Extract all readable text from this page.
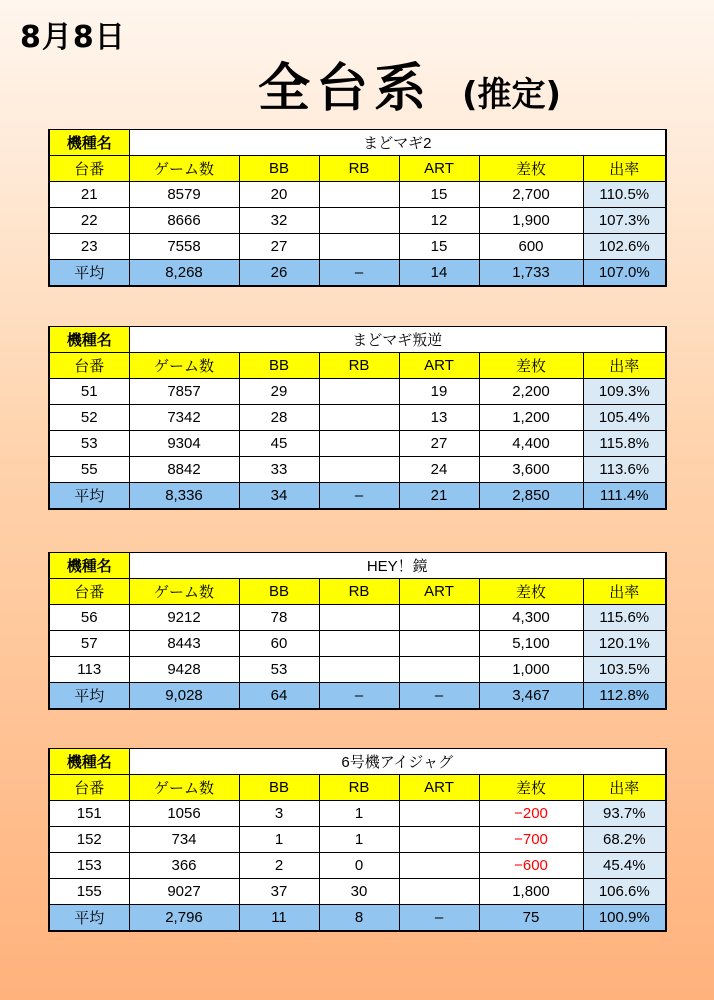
8月8日
全台系 (推定)
機種名	まどマギ2					
台番	ゲーム数	BB	RB	ART	差枚	出率
21	8579	20		15	2,700	110.5%
22	8666	32		12	1,900	107.3%
23	7558	27		15	600	102.6%
平均	8,268	26	–	14	1,733	107.0%
機種名	まどマギ叛逆					
台番	ゲーム数	BB	RB	ART	差枚	出率
51	7857	29		19	2,200	109.3%
52	7342	28		13	1,200	105.4%
53	9304	45		27	4,400	115.8%
55	8842	33		24	3,600	113.6%
平均	8,336	34	–	21	2,850	111.4%
機種名	HEY！鏡					
台番	ゲーム数	BB	RB	ART	差枚	出率
56	9212	78			4,300	115.6%
57	8443	60			5,100	120.1%
113	9428	53			1,000	103.5%
平均	9,028	64	–	–	3,467	112.8%
機種名	6号機アイジャグ					
台番	ゲーム数	BB	RB	ART	差枚	出率
151	1056	3	1		−200	93.7%
152	734	1	1		−700	68.2%
153	366	2	0		−600	45.4%
155	9027	37	30		1,800	106.6%
平均	2,796	11	8	–	75	100.9%
